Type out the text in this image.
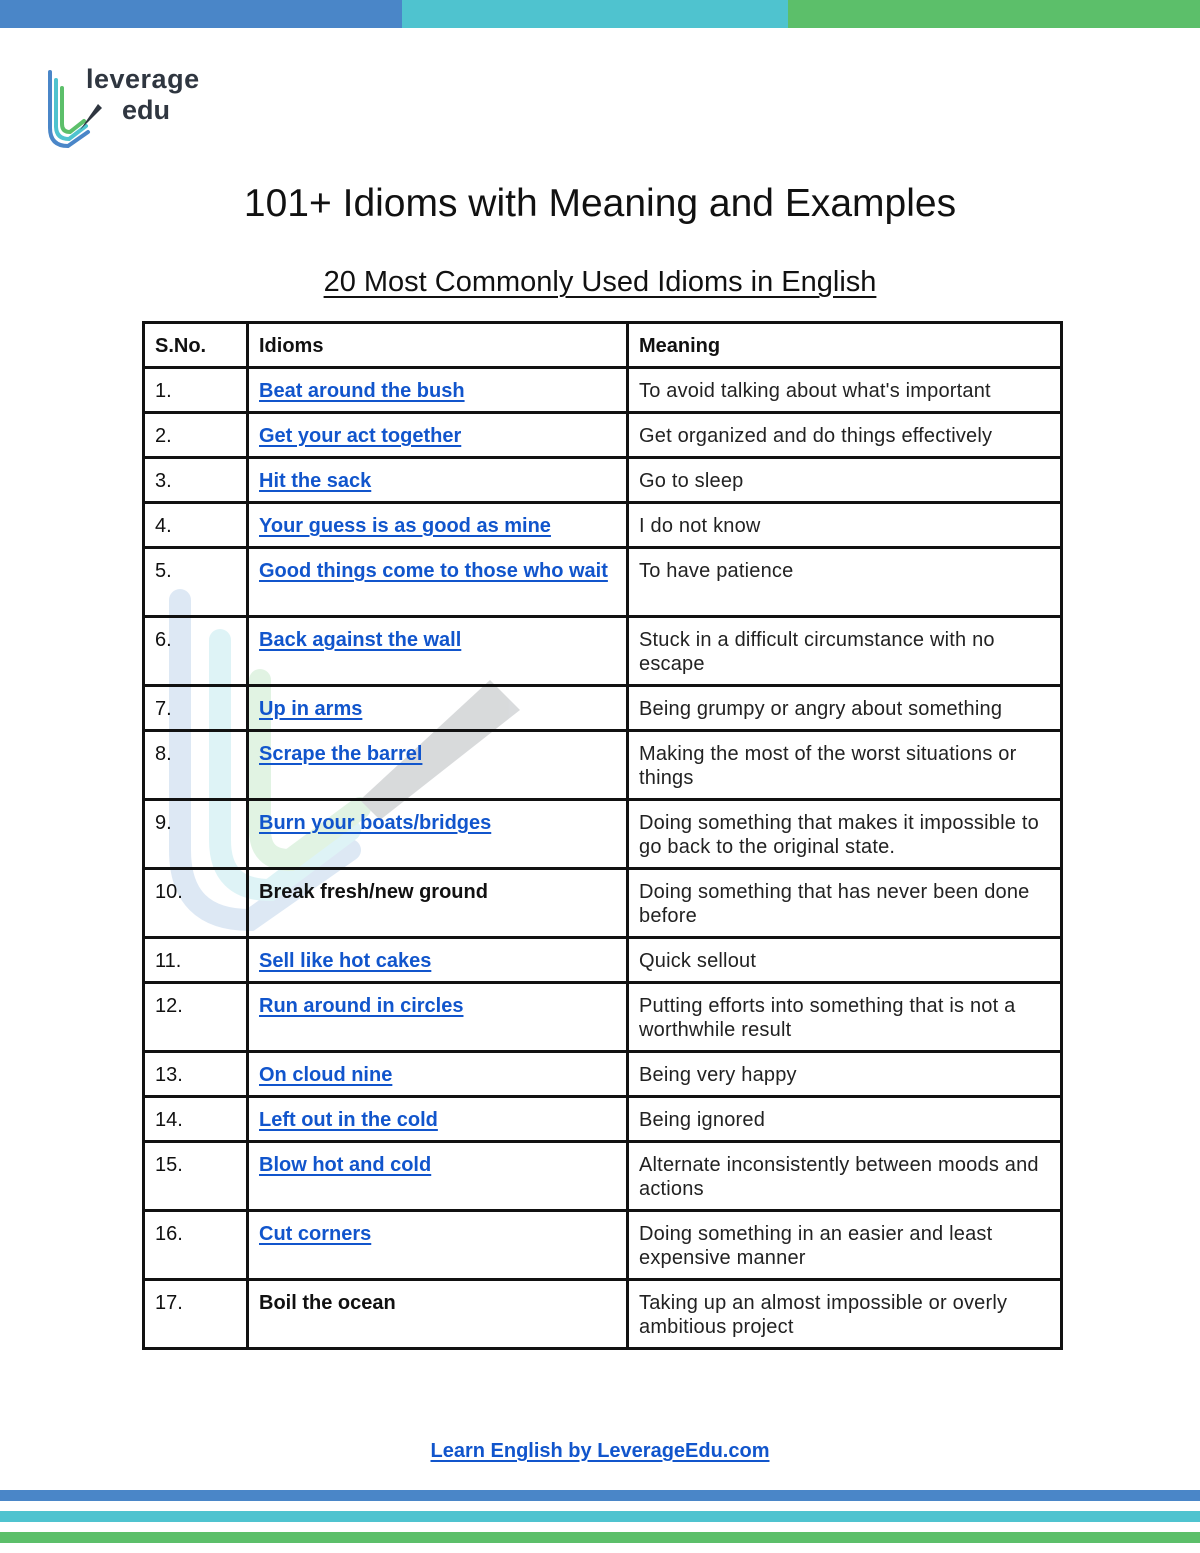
leverage
edu
101+ Idioms with Meaning and Examples
20 Most Commonly Used Idioms in English
S.No.	Idioms	Meaning
1.	Beat around the bush	To avoid talking about what's important
2.	Get your act together	Get organized and do things effectively
3.	Hit the sack	Go to sleep
4.	Your guess is as good as mine	I do not know
5.	Good things come to those who wait	To have patience
6.	Back against the wall	Stuck in a difficult circumstance with no escape
7.	Up in arms	Being grumpy or angry about something
8.	Scrape the barrel	Making the most of the worst situations or things
9.	Burn your boats/bridges	Doing something that makes it impossible to go back to the original state.
10.	Break fresh/new ground	Doing something that has never been done before
11.	Sell like hot cakes	Quick sellout
12.	Run around in circles	Putting efforts into something that is not a worthwhile result
13.	On cloud nine	Being very happy
14.	Left out in the cold	Being ignored
15.	Blow hot and cold	Alternate inconsistently between moods and actions
16.	Cut corners	Doing something in an easier and least expensive manner
17.	Boil the ocean	Taking up an almost impossible or overly ambitious project
Learn English by LeverageEdu.com
